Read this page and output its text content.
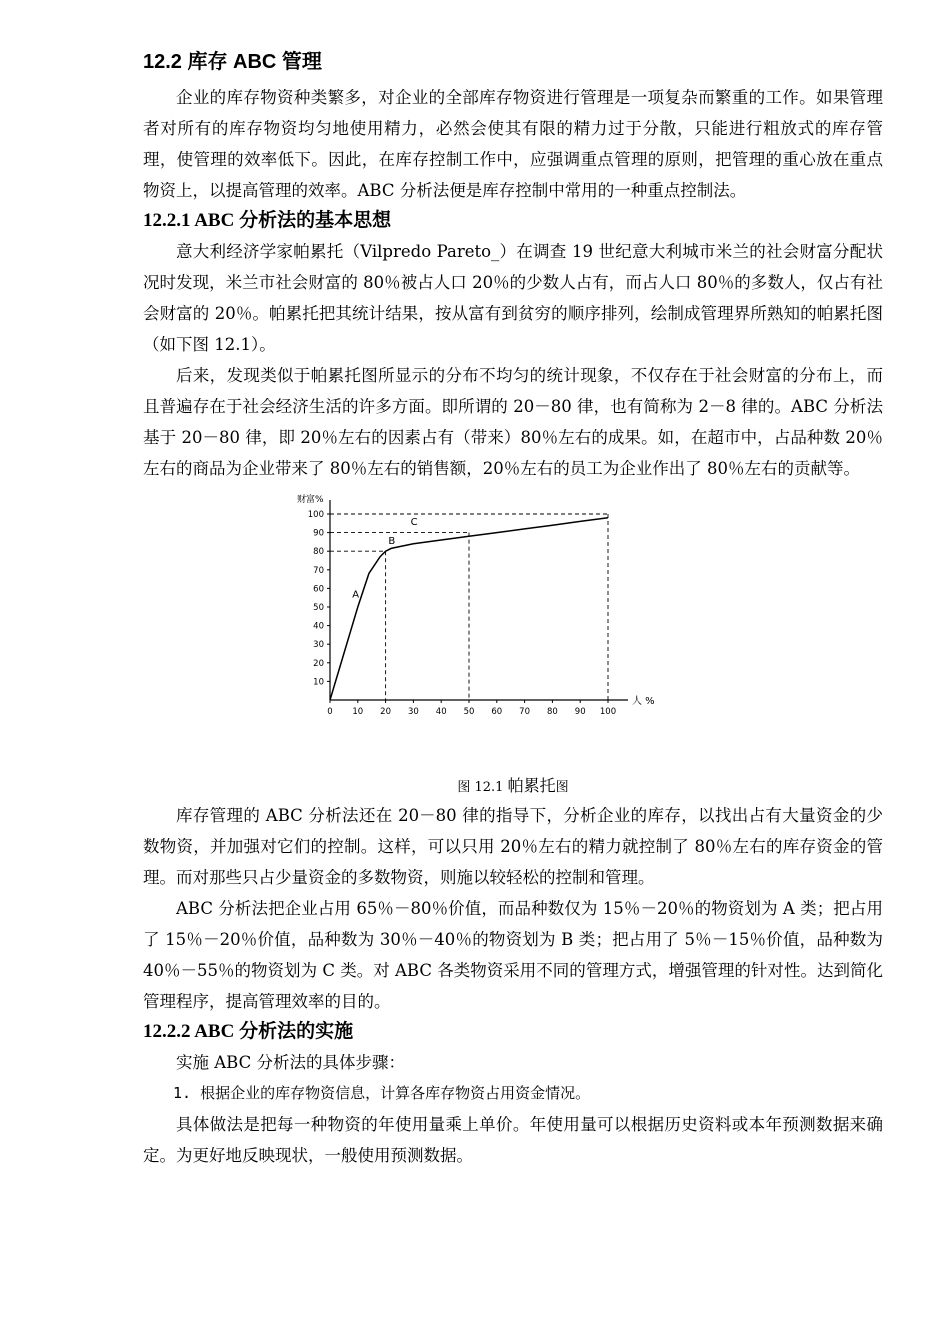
12.2 库存 ABC 管理

企业的库存物资种类繁多，对企业的全部库存物资进行管理是一项复杂而繁重的工作。如果管理者对所有的库存物资均匀地使用精力，必然会使其有限的精力过于分散，只能进行粗放式的库存管理，使管理的效率低下。因此，在库存控制工作中，应强调重点管理的原则，把管理的重心放在重点物资上，以提高管理的效率。ABC 分析法便是库存控制中常用的一种重点控制法。

12.2.1 ABC 分析法的基本思想

意大利经济学家帕累托（Vilpredo Pareto_）在调查 19 世纪意大利城市米兰的社会财富分配状况时发现，米兰市社会财富的 80％被占人口 20％的少数人占有，而占人口 80％的多数人，仅占有社会财富的 20％。帕累托把其统计结果，按从富有到贫穷的顺序排列，绘制成管理界所熟知的帕累托图（如下图 12.1）。

后来，发现类似于帕累托图所显示的分布不均匀的统计现象，不仅存在于社会财富的分布上，而且普遍存在于社会经济生活的许多方面。即所谓的 20－80 律，也有简称为 2－8 律的。ABC 分析法基于 20－80 律，即 20％左右的因素占有（带来）80％左右的成果。如，在超市中，占品种数 20％左右的商品为企业带来了 80％左右的销售额，20％左右的员工为企业作出了 80％左右的贡献等。

财富%
人 %
10
20
30
40
50
60
70
80
90
100
0 10 20 30 40 50 60 70 80 90 100
A
B
C
图 12.1 帕累托图

库存管理的 ABC 分析法还在 20－80 律的指导下，分析企业的库存，以找出占有大量资金的少数物资，并加强对它们的控制。这样，可以只用 20％左右的精力就控制了 80％左右的库存资金的管理。而对那些只占少量资金的多数物资，则施以较轻松的控制和管理。

ABC 分析法把企业占用 65％－80％价值，而品种数仅为 15％－20％的物资划为 A 类；把占用了 15％－20％价值，品种数为 30％－40％的物资划为 B 类；把占用了 5％－15％价值，品种数为 40％－55％的物资划为 C 类。对 ABC 各类物资采用不同的管理方式，增强管理的针对性。达到简化管理程序，提高管理效率的目的。

12.2.2 ABC 分析法的实施

实施 ABC 分析法的具体步骤：

1. 根据企业的库存物资信息，计算各库存物资占用资金情况。

具体做法是把每一种物资的年使用量乘上单价。年使用量可以根据历史资料或本年预测数据来确定。为更好地反映现状，一般使用预测数据。
